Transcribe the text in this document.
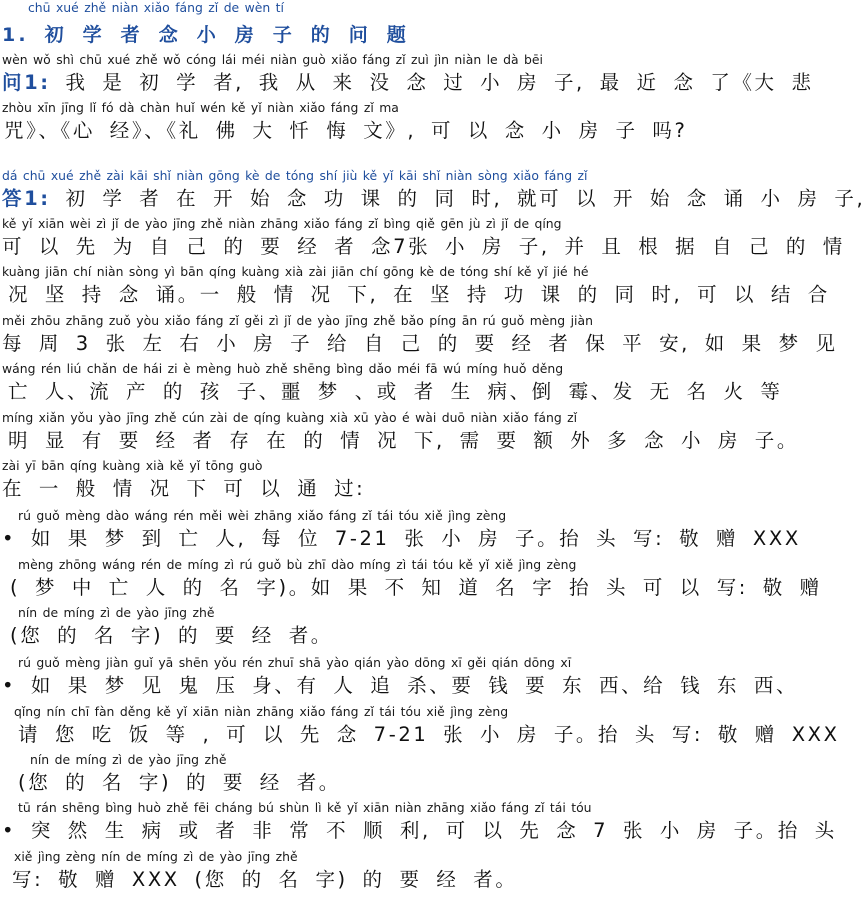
chū xué zhě niàn xiǎo fáng zǐ de wèn tí
1. 初 学 者 念 小 房 子 的 问 题
wèn wǒ shì chū xué zhě wǒ cóng lái méi niàn guò xiǎo fáng zǐ zuì jìn niàn le dà bēi
问1: 我 是 初 学 者, 我 从 来 没 念 过 小 房 子, 最 近 念 了《大 悲
zhòu xīn jīng lǐ fó dà chàn huǐ wén kě yǐ niàn xiǎo fáng zǐ ma
咒》、《心 经》、《礼 佛 大 忏 悔 文》, 可 以 念 小 房 子 吗?
dá chū xué zhě zài kāi shǐ niàn gōng kè de tóng shí jiù kě yǐ kāi shǐ niàn sòng xiǎo fáng zǐ
答1: 初 学 者 在 开 始 念 功 课 的 同 时, 就可 以 开 始 念 诵 小 房 子,
kě yǐ xiān wèi zì jǐ de yào jīng zhě niàn zhāng xiǎo fáng zǐ bìng qiě gēn jù zì jǐ de qíng
可 以 先 为 自 己 的 要 经 者 念7张 小 房 子, 并 且 根 据 自 己 的 情
kuàng jiān chí niàn sòng yì bān qíng kuàng xià zài jiān chí gōng kè de tóng shí kě yǐ jié hé
况 坚 持 念 诵。一 般 情 况 下, 在 坚 持 功 课 的 同 时, 可 以 结 合
měi zhōu zhāng zuǒ yòu xiǎo fáng zǐ gěi zì jǐ de yào jīng zhě bǎo píng ān rú guǒ mèng jiàn
每 周 3 张 左 右 小 房 子 给 自 己 的 要 经 者 保 平 安, 如 果 梦 见
wáng rén liú chǎn de hái zi è mèng huò zhě shēng bìng dǎo méi fā wú míng huǒ děng
亡 人、流 产 的 孩 子、噩 梦 、或 者 生 病、倒 霉、发 无 名 火 等
míng xiǎn yǒu yào jīng zhě cún zài de qíng kuàng xià xū yào é wài duō niàn xiǎo fáng zǐ
明 显 有 要 经 者 存 在 的 情 况 下, 需 要 额 外 多 念 小 房 子。
zài yī bān qíng kuàng xià kě yǐ tōng guò
在 一 般 情 况 下 可 以 通 过:
rú guǒ mèng dào wáng rén měi wèi zhāng xiǎo fáng zǐ tái tóu xiě jìng zèng
• 如 果 梦 到 亡 人, 每 位 7-21 张 小 房 子。抬 头 写: 敬 赠 XXX
mèng zhōng wáng rén de míng zì rú guǒ bù zhī dào míng zì tái tóu kě yǐ xiě jìng zèng
( 梦 中 亡 人 的 名 字)。如 果 不 知 道 名 字 抬 头 可 以 写: 敬 赠
nín de míng zì de yào jīng zhě
(您 的 名 字) 的 要 经 者。
rú guǒ mèng jiàn guǐ yā shēn yǒu rén zhuī shā yào qián yào dōng xī gěi qián dōng xī
• 如 果 梦 见 鬼 压 身、有 人 追 杀、要 钱 要 东 西、给 钱 东 西、
qǐng nín chī fàn děng kě yǐ xiān niàn zhāng xiǎo fáng zǐ tái tóu xiě jìng zèng
请 您 吃 饭 等 , 可 以 先 念 7-21 张 小 房 子。抬 头 写: 敬 赠 XXX
nín de míng zì de yào jīng zhě
(您 的 名 字) 的 要 经 者。
tū rán shēng bìng huò zhě fēi cháng bú shùn lì kě yǐ xiān niàn zhāng xiǎo fáng zǐ tái tóu
• 突 然 生 病 或 者 非 常 不 顺 利, 可 以 先 念 7 张 小 房 子。抬 头
xiě jìng zèng nín de míng zì de yào jīng zhě
写: 敬 赠 XXX (您 的 名 字) 的 要 经 者。
